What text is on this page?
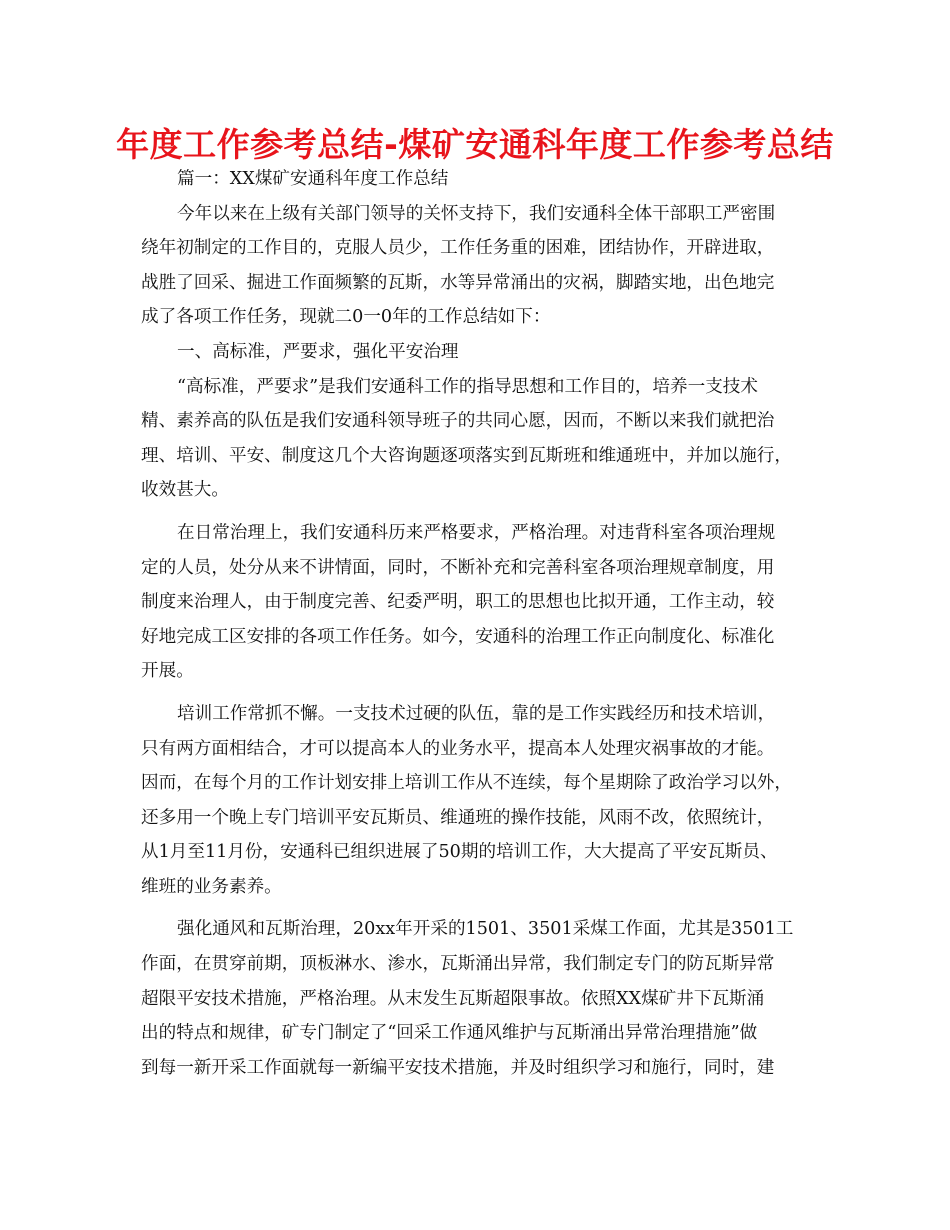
年度工作参考总结-煤矿安通科年度工作参考总结
篇一：XX煤矿安通科年度工作总结
今年以来在上级有关部门领导的关怀支持下，我们安通科全体干部职工严密围
绕年初制定的工作目的，克服人员少，工作任务重的困难，团结协作，开辟进取，
战胜了回采、掘进工作面频繁的瓦斯，水等异常涌出的灾祸，脚踏实地，出色地完
成了各项工作任务，现就二0一0年的工作总结如下：
一、高标准，严要求，强化平安治理
“高标准，严要求”是我们安通科工作的指导思想和工作目的，培养一支技术
精、素养高的队伍是我们安通科领导班子的共同心愿，因而，不断以来我们就把治
理、培训、平安、制度这几个大咨询题逐项落实到瓦斯班和维通班中，并加以施行，
收效甚大。
在日常治理上，我们安通科历来严格要求，严格治理。对违背科室各项治理规
定的人员，处分从来不讲情面，同时，不断补充和完善科室各项治理规章制度，用
制度来治理人，由于制度完善、纪委严明，职工的思想也比拟开通，工作主动，较
好地完成工区安排的各项工作任务。如今，安通科的治理工作正向制度化、标准化
开展。
培训工作常抓不懈。一支技术过硬的队伍，靠的是工作实践经历和技术培训，
只有两方面相结合，才可以提高本人的业务水平，提高本人处理灾祸事故的才能。
因而，在每个月的工作计划安排上培训工作从不连续，每个星期除了政治学习以外，
还多用一个晚上专门培训平安瓦斯员、维通班的操作技能，风雨不改，依照统计，
从1月至11月份，安通科已组织进展了50期的培训工作，大大提高了平安瓦斯员、
维班的业务素养。
强化通风和瓦斯治理，20xx年开采的1501、3501采煤工作面，尤其是3501工
作面，在贯穿前期，顶板淋水、渗水，瓦斯涌出异常，我们制定专门的防瓦斯异常
超限平安技术措施，严格治理。从末发生瓦斯超限事故。依照XX煤矿井下瓦斯涌
出的特点和规律，矿专门制定了“回采工作通风维护与瓦斯涌出异常治理措施”做
到每一新开采工作面就每一新编平安技术措施，并及时组织学习和施行，同时，建
